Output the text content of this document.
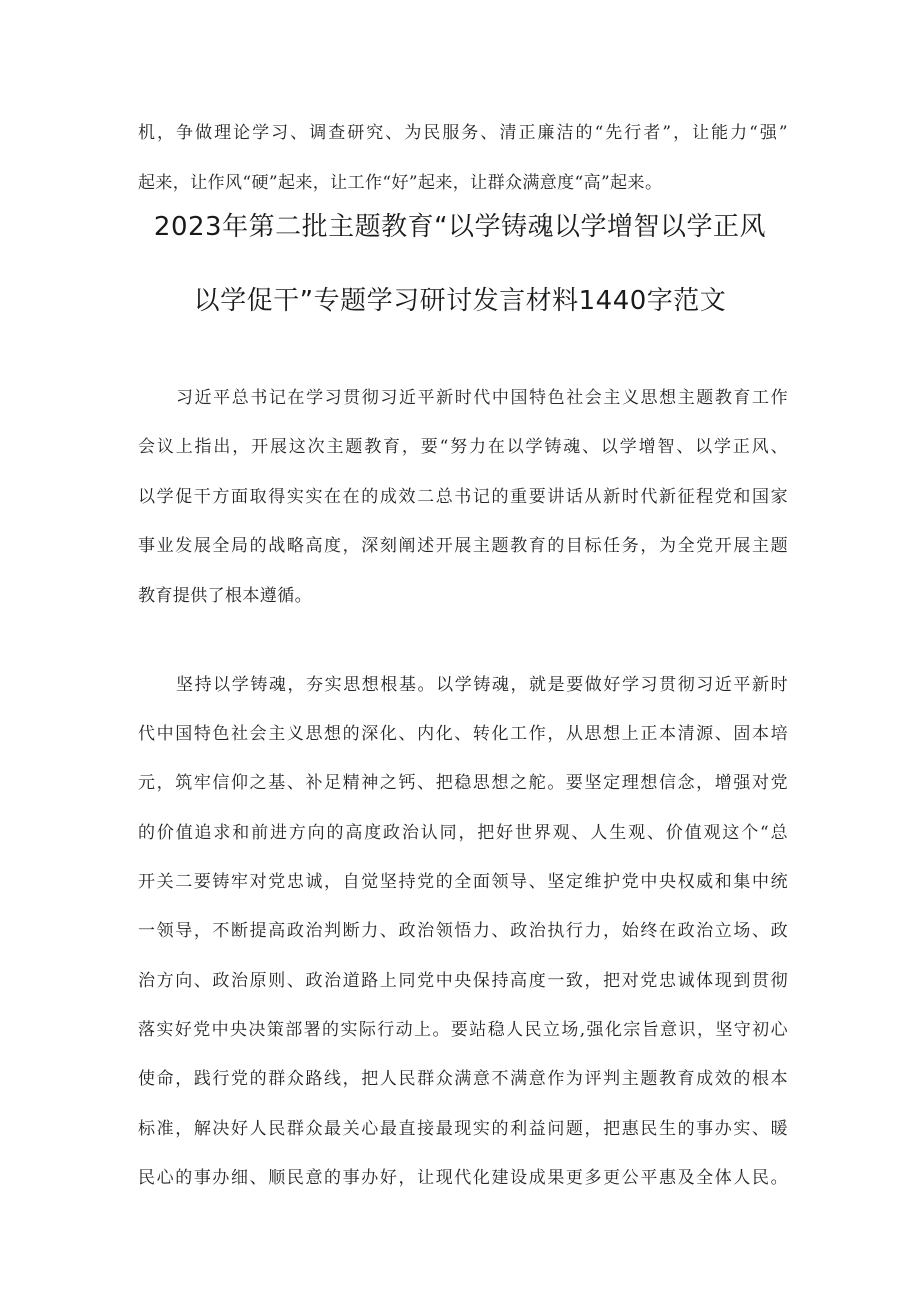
机，争做理论学习、调查研究、为民服务、清正廉洁的“先行者”，让能力“强”
起来，让作风“硬”起来，让工作“好”起来，让群众满意度“高”起来。
2023年第二批主题教育“以学铸魂以学增智以学正风
以学促干”专题学习研讨发言材料1440字范文
习近平总书记在学习贯彻习近平新时代中国特色社会主义思想主题教育工作
会议上指出，开展这次主题教育，要“努力在以学铸魂、以学增智、以学正风、
以学促干方面取得实实在在的成效二总书记的重要讲话从新时代新征程党和国家
事业发展全局的战略高度，深刻阐述开展主题教育的目标任务，为全党开展主题
教育提供了根本遵循。
坚持以学铸魂，夯实思想根基。以学铸魂，就是要做好学习贯彻习近平新时
代中国特色社会主义思想的深化、内化、转化工作，从思想上正本清源、固本培
元，筑牢信仰之基、补足精神之钙、把稳思想之舵。要坚定理想信念，增强对党
的价值追求和前进方向的高度政治认同，把好世界观、人生观、价值观这个“总
开关二要铸牢对党忠诚，自觉坚持党的全面领导、坚定维护党中央权威和集中统
一领导，不断提高政治判断力、政治领悟力、政治执行力，始终在政治立场、政
治方向、政治原则、政治道路上同党中央保持高度一致，把对党忠诚体现到贯彻
落实好党中央决策部署的实际行动上。要站稳人民立场,强化宗旨意识，坚守初心
使命，践行党的群众路线，把人民群众满意不满意作为评判主题教育成效的根本
标准，解决好人民群众最关心最直接最现实的利益问题，把惠民生的事办实、暖
民心的事办细、顺民意的事办好，让现代化建设成果更多更公平惠及全体人民。
